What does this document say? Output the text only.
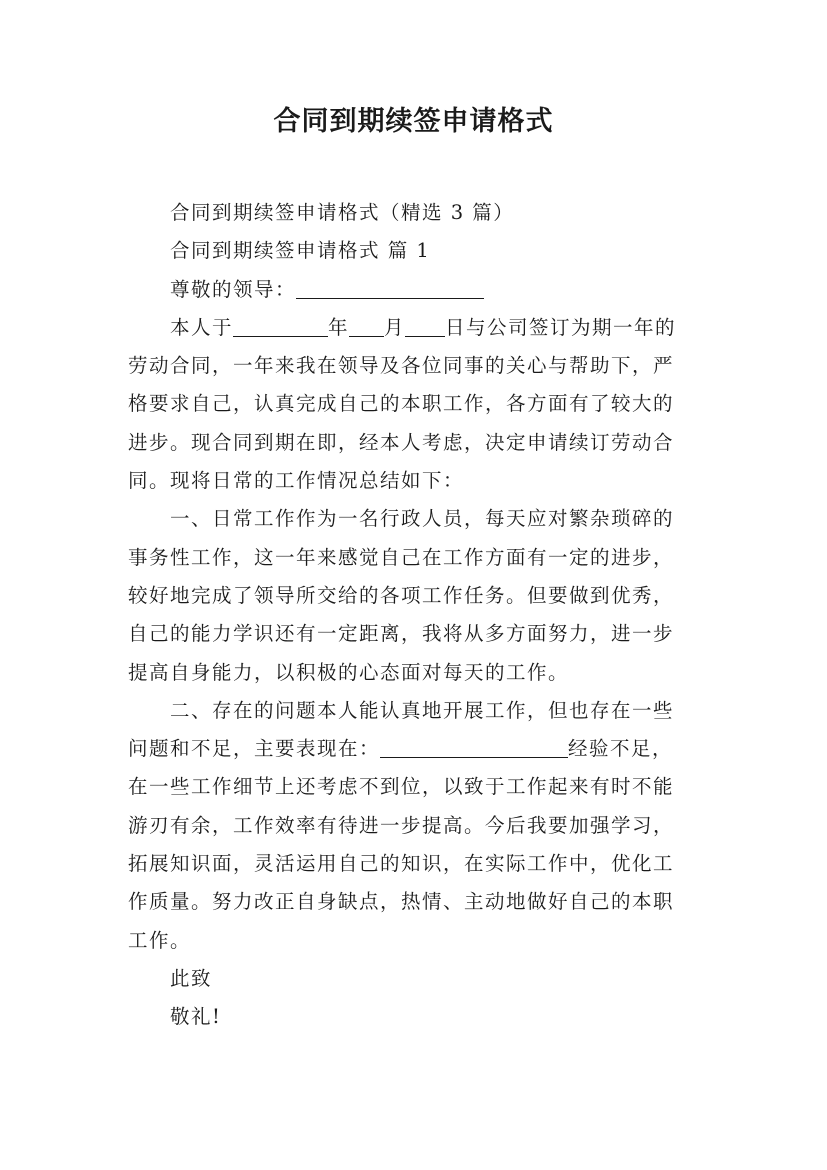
合同到期续签申请格式
合同到期续签申请格式（精选 3 篇）
合同到期续签申请格式 篇 1
尊敬的领导：
本人于	年 月 日与公司签订为期一年的
劳动合同，一年来我在领导及各位同事的关心与帮助下，严
格要求自己，认真完成自己的本职工作，各方面有了较大的
进步。现合同到期在即，经本人考虑，决定申请续订劳动合
同。现将日常的工作情况总结如下：
一、日常工作作为一名行政人员，每天应对繁杂琐碎的
事务性工作，这一年来感觉自己在工作方面有一定的进步，
较好地完成了领导所交给的各项工作任务。但要做到优秀，
自己的能力学识还有一定距离，我将从多方面努力，进一步
提高自身能力，以积极的心态面对每天的工作。
二、存在的问题本人能认真地开展工作，但也存在一些
问题和不足，主要表现在：	经验不足，
在一些工作细节上还考虑不到位，以致于工作起来有时不能
游刃有余，工作效率有待进一步提高。今后我要加强学习，
拓展知识面，灵活运用自己的知识，在实际工作中，优化工
作质量。努力改正自身缺点，热情、主动地做好自己的本职
工作。
此致
敬礼!
